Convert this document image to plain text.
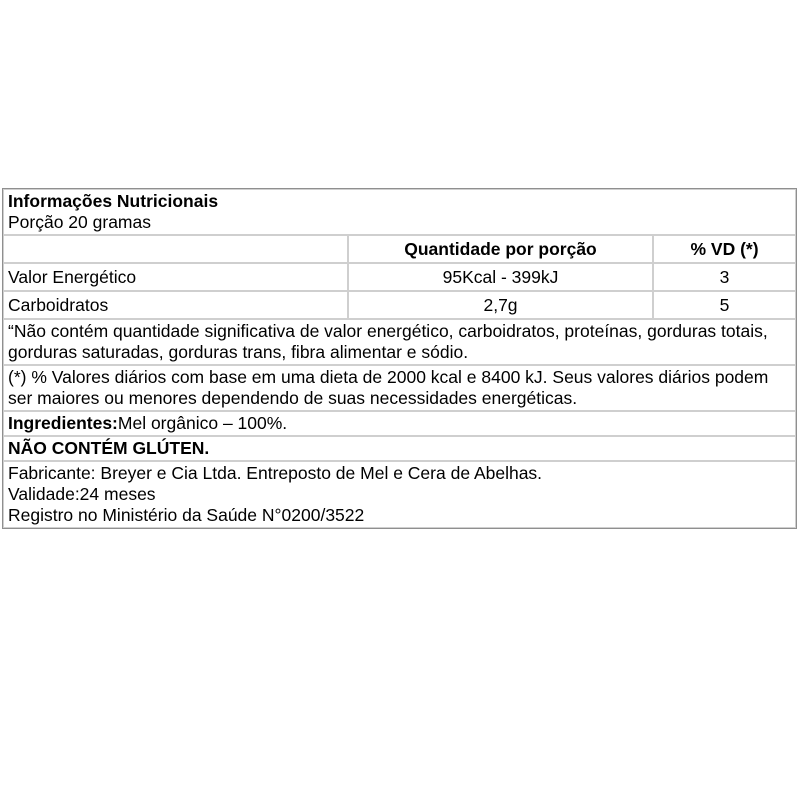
Informações Nutricionais
Porção 20 gramas		

	Quantidade por porção	% VD (*)
Valor Energético	95Kcal - 399kJ	3
Carboidratos	2,7g	5
“Não contém quantidade significativa de valor energético, carboidratos, proteínas, gorduras totais, gorduras saturadas, gorduras trans, fibra alimentar e sódio.		
(*) % Valores diários com base em uma dieta de 2000 kcal e 8400 kJ. Seus valores diários podem ser maiores ou menores dependendo de suas necessidades energéticas.		
Ingredientes:Mel orgânico – 100%.		
NÃO CONTÉM GLÚTEN.		

Fabricante: Breyer e Cia Ltda. Entreposto de Mel e Cera de Abelhas.
Validade:24 meses
Registro no Ministério da Saúde N°0200/3522		
